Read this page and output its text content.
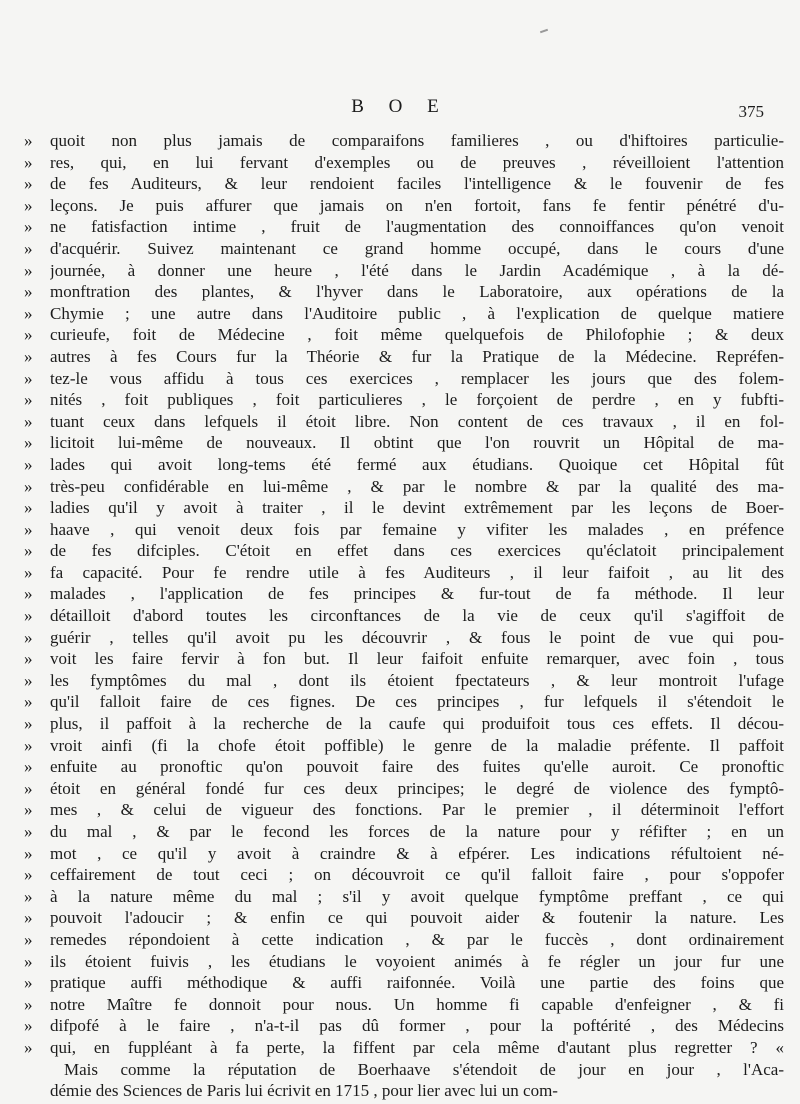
B O E	375
»	quoit non plus jamais de comparaifons familieres , ou d'hiftoires particulie-
»	res, qui, en lui fervant d'exemples ou de preuves , réveilloient l'attention
»	de fes Auditeurs, & leur rendoient faciles l'intelligence & le fouvenir de fes
»	leçons. Je puis affurer que jamais on n'en fortoit, fans fe fentir pénétré d'u-
»	ne fatisfaction intime , fruit de l'augmentation des connoiffances qu'on venoit
»	d'acquérir. Suivez maintenant ce grand homme occupé, dans le cours d'une
»	journée, à donner une heure , l'été dans le Jardin Académique , à la dé-
»	monftration des plantes, & l'hyver dans le Laboratoire, aux opérations de la
»	Chymie ; une autre dans l'Auditoire public , à l'explication de quelque matiere
»	curieufe, foit de Médecine , foit même quelquefois de Philofophie ; & deux
»	autres à fes Cours fur la Théorie & fur la Pratique de la Médecine. Repréfen-
»	tez-le vous affidu à tous ces exercices , remplacer les jours que des folem-
»	nités , foit publiques , foit particulieres , le forçoient de perdre , en y fubfti-
»	tuant ceux dans lefquels il étoit libre. Non content de ces travaux , il en fol-
»	licitoit lui-même de nouveaux. Il obtint que l'on rouvrit un Hôpital de ma-
»	lades qui avoit long-tems été fermé aux étudians. Quoique cet Hôpital fût
»	très-peu confidérable en lui-même , & par le nombre & par la qualité des ma-
»	ladies qu'il y avoit à traiter , il le devint extrêmement par les leçons de Boer-
»	haave , qui venoit deux fois par femaine y vifiter les malades , en préfence
»	de fes difciples. C'étoit en effet dans ces exercices qu'éclatoit principalement
»	fa capacité. Pour fe rendre utile à fes Auditeurs , il leur faifoit , au lit des
»	malades , l'application de fes principes & fur-tout de fa méthode. Il leur
»	détailloit d'abord toutes les circonftances de la vie de ceux qu'il s'agiffoit de
»	guérir , telles qu'il avoit pu les découvrir , & fous le point de vue qui pou-
»	voit les faire fervir à fon but. Il leur faifoit enfuite remarquer, avec foin , tous
»	les fymptômes du mal , dont ils étoient fpectateurs , & leur montroit l'ufage
»	qu'il falloit faire de ces fignes. De ces principes , fur lefquels il s'étendoit le
»	plus, il paffoit à la recherche de la caufe qui produifoit tous ces effets. Il décou-
»	vroit ainfi (fi la chofe étoit poffible) le genre de la maladie préfente. Il paffoit
»	enfuite au pronoftic qu'on pouvoit faire des fuites qu'elle auroit. Ce pronoftic
»	étoit en général fondé fur ces deux principes; le degré de violence des fymptô-
»	mes , & celui de vigueur des fonctions. Par le premier , il déterminoit l'effort
»	du mal , & par le fecond les forces de la nature pour y réfifter ; en un
»	mot , ce qu'il y avoit à craindre & à efpérer. Les indications réfultoient né-
»	ceffairement de tout ceci ; on découvroit ce qu'il falloit faire , pour s'oppofer
»	à la nature même du mal ; s'il y avoit quelque fymptôme preffant , ce qui
»	pouvoit l'adoucir ; & enfin ce qui pouvoit aider & foutenir la nature. Les
»	remedes répondoient à cette indication , & par le fuccès , dont ordinairement
»	ils étoient fuivis , les étudians le voyoient animés à fe régler un jour fur une
»	pratique auffi méthodique & auffi raifonnée. Voilà une partie des foins que
»	notre Maître fe donnoit pour nous. Un homme fi capable d'enfeigner , & fi
»	difpofé à le faire , n'a-t-il pas dû former , pour la poftérité , des Médecins
»	qui, en fuppléant à fa perte, la fiffent par cela même d'autant plus regretter ? «
Mais comme la réputation de Boerhaave s'étendoit de jour en jour , l'Aca-
démie des Sciences de Paris lui écrivit en 1715 , pour lier avec lui un com-
